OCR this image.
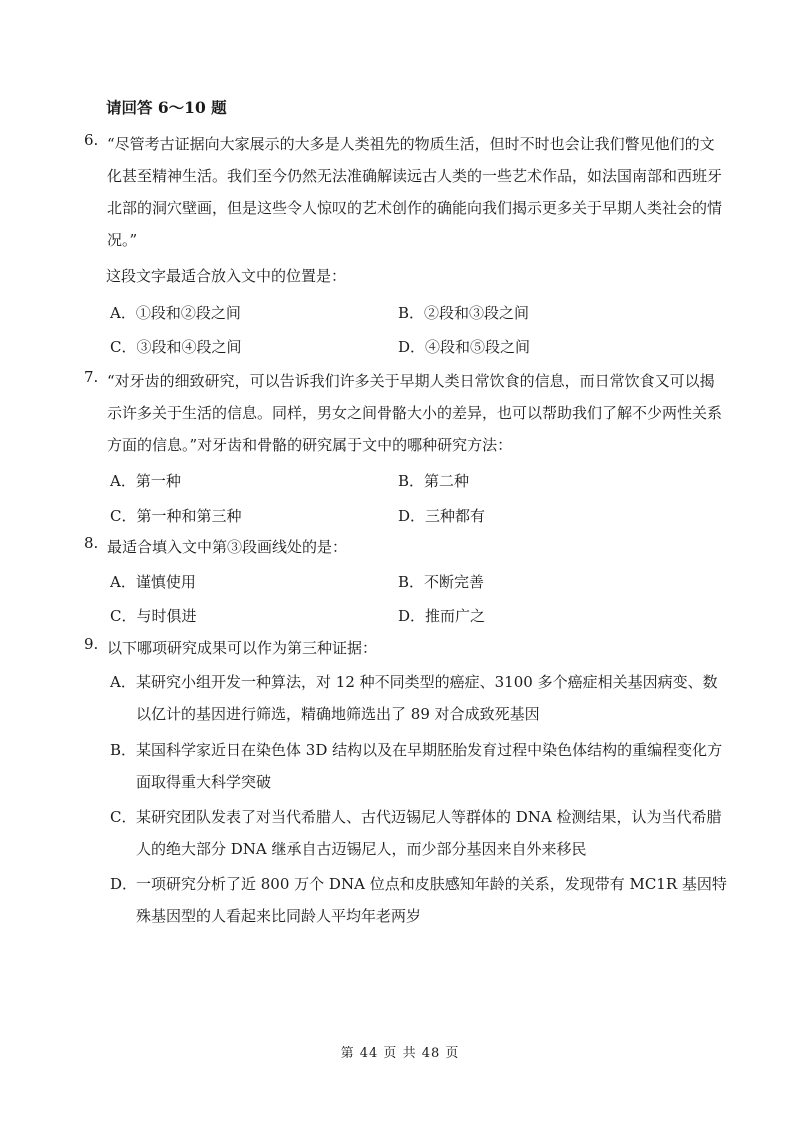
请回答 6～10 题
6. “尽管考古证据向大家展示的大多是人类祖先的物质生活，但时不时也会让我们瞥见他们的文化甚至精神生活。我们至今仍然无法准确解读远古人类的一些艺术作品，如法国南部和西班牙北部的洞穴壁画，但是这些令人惊叹的艺术创作的确能向我们揭示更多关于早期人类社会的情况。”
这段文字最适合放入文中的位置是：
A．①段和②段之间	B．②段和③段之间
C．③段和④段之间	D．④段和⑤段之间
7. “对牙齿的细致研究，可以告诉我们许多关于早期人类日常饮食的信息，而日常饮食又可以揭示许多关于生活的信息。同样，男女之间骨骼大小的差异，也可以帮助我们了解不少两性关系方面的信息。”对牙齿和骨骼的研究属于文中的哪种研究方法：
A．第一种	B．第二种
C．第一种和第三种	D．三种都有
8. 最适合填入文中第③段画线处的是：
A．谨慎使用	B．不断完善
C．与时俱进	D．推而广之
9. 以下哪项研究成果可以作为第三种证据：
A． 某研究小组开发一种算法，对 12 种不同类型的癌症、3100 多个癌症相关基因病变、数以亿计的基因进行筛选，精确地筛选出了 89 对合成致死基因
B． 某国科学家近日在染色体 3D 结构以及在早期胚胎发育过程中染色体结构的重编程变化方面取得重大科学突破
C． 某研究团队发表了对当代希腊人、古代迈锡尼人等群体的 DNA 检测结果，认为当代希腊人的绝大部分 DNA 继承自古迈锡尼人，而少部分基因来自外来移民
D．
一项研究分析了近 800 万个 DNA 位点和皮肤感知年龄的关系，发现带有 MC1R 基因特殊基因型的人看起来比同龄人平均年老两岁
第 44 页 共 48 页
